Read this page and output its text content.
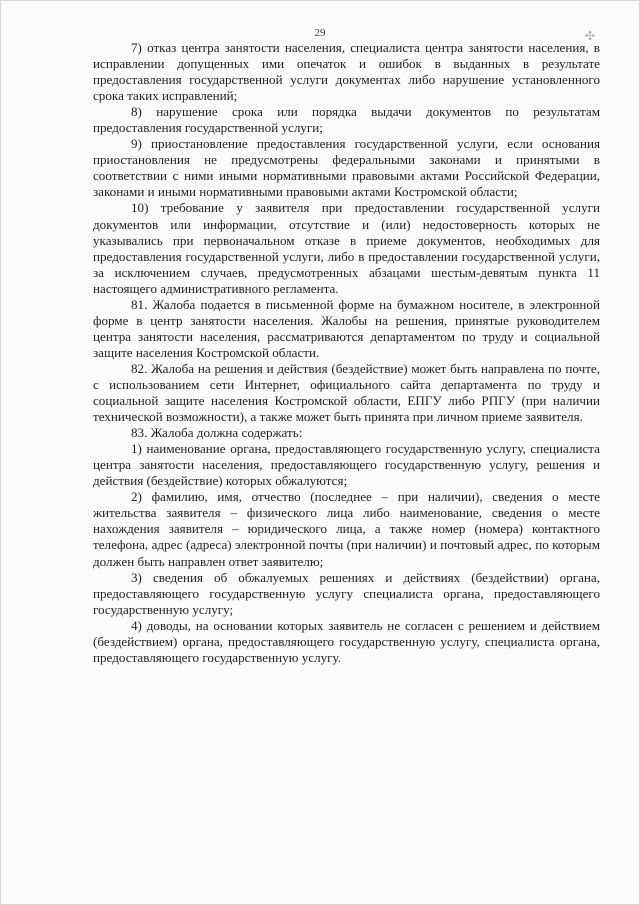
29	✣

7) отказ центра занятости населения, специалиста центра занятости населения, в исправлении допущенных ими опечаток и ошибок в выданных в результате предоставления государственной услуги документах либо нарушение установленного срока таких исправлений;

8) нарушение срока или порядка выдачи документов по результатам предоставления государственной услуги;

9) приостановление предоставления государственной услуги, если основания приостановления не предусмотрены федеральными законами и принятыми в соответствии с ними иными нормативными правовыми актами Российской Федерации, законами и иными нормативными правовыми актами Костромской области;

10) требование у заявителя при предоставлении государственной услуги документов или информации, отсутствие и (или) недостоверность которых не указывались при первоначальном отказе в приеме документов, необходимых для предоставления государственной услуги, либо в предоставлении государственной услуги, за исключением случаев, предусмотренных абзацами шестым-девятым пункта 11 настоящего административного регламента.

81. Жалоба подается в письменной форме на бумажном носителе, в электронной форме в центр занятости населения. Жалобы на решения, принятые руководителем центра занятости населения, рассматриваются департаментом по труду и социальной защите населения Костромской области.

82. Жалоба на решения и действия (бездействие) может быть направлена по почте, с использованием сети Интернет, официального сайта департамента по труду и социальной защите населения Костромской области, ЕПГУ либо РПГУ (при наличии технической возможности), а также может быть принята при личном приеме заявителя.

83. Жалоба должна содержать:

1) наименование органа, предоставляющего государственную услугу, специалиста центра занятости населения, предоставляющего государственную услугу, решения и действия (бездействие) которых обжалуются;

2) фамилию, имя, отчество (последнее – при наличии), сведения о месте жительства заявителя – физического лица либо наименование, сведения о месте нахождения заявителя – юридического лица, а также номер (номера) контактного телефона, адрес (адреса) электронной почты (при наличии) и почтовый адрес, по которым должен быть направлен ответ заявителю;

3) сведения об обжалуемых решениях и действиях (бездействии) органа, предоставляющего государственную услугу специалиста органа, предоставляющего государственную услугу;

4) доводы, на основании которых заявитель не согласен с решением и действием (бездействием) органа, предоставляющего государственную услугу, специалиста органа, предоставляющего государственную услугу.
